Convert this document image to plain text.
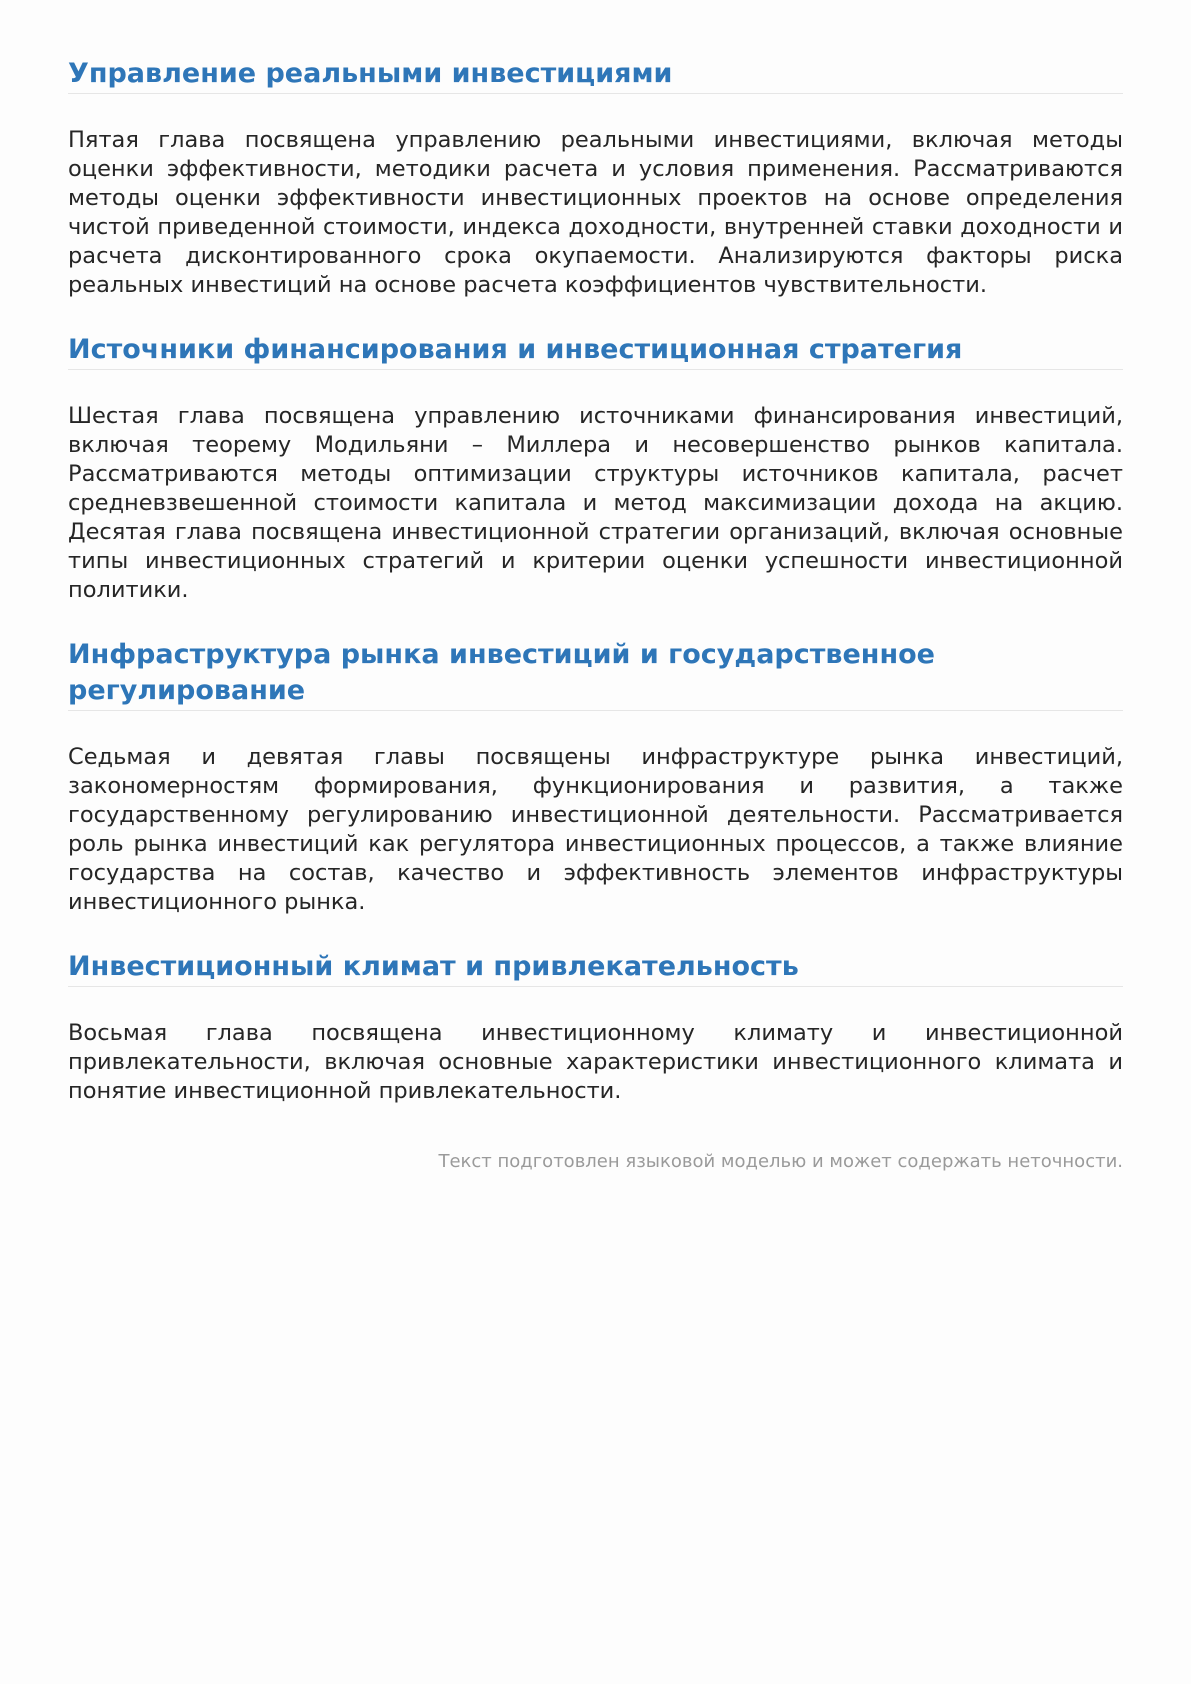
Управление реальными инвестициями

Пятая глава посвящена управлению реальными инвестициями, включая методы оценки эффективности, методики расчета и условия применения. Рассматриваются методы оценки эффективности инвестиционных проектов на основе определения чистой приведенной стоимости, индекса доходности, внутренней ставки доходности и расчета дисконтированного срока окупаемости. Анализируются факторы риска реальных инвестиций на основе расчета коэффициентов чувствительности.

Источники финансирования и инвестиционная стратегия

Шестая глава посвящена управлению источниками финансирования инвестиций, включая теорему Модильяни – Миллера и несовершенство рынков капитала. Рассматриваются методы оптимизации структуры источников капитала, расчет средневзвешенной стоимости капитала и метод максимизации дохода на акцию. Десятая глава посвящена инвестиционной стратегии организаций, включая основные типы инвестиционных стратегий и критерии оценки успешности инвестиционной политики.

Инфраструктура рынка инвестиций и государственное регулирование

Седьмая и девятая главы посвящены инфраструктуре рынка инвестиций, закономерностям формирования, функционирования и развития, а также государственному регулированию инвестиционной деятельности. Рассматривается роль рынка инвестиций как регулятора инвестиционных процессов, а также влияние государства на состав, качество и эффективность элементов инфраструктуры инвестиционного рынка.

Инвестиционный климат и привлекательность

Восьмая глава посвящена инвестиционному климату и инвестиционной привлекательности, включая основные характеристики инвестиционного климата и понятие инвестиционной привлекательности.

Текст подготовлен языковой моделью и может содержать неточности.
